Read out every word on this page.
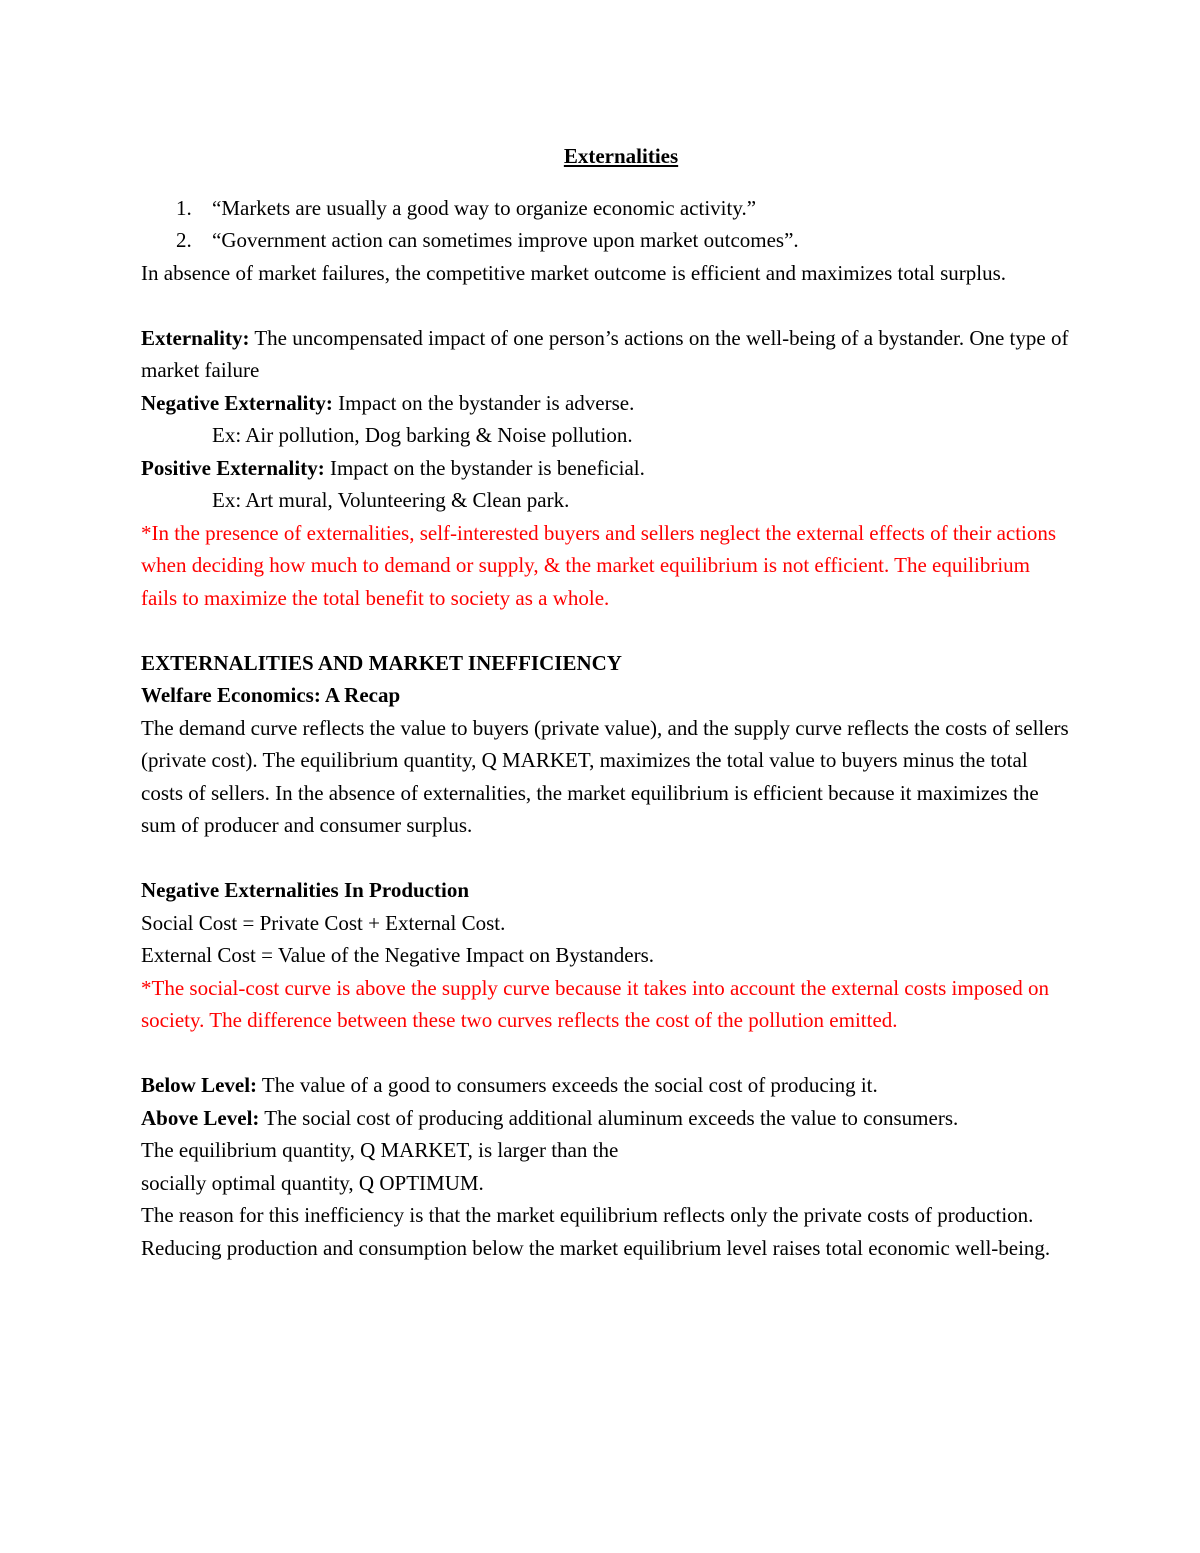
Externalities

1. “Markets are usually a good way to organize economic activity.”
2. “Government action can sometimes improve upon market outcomes”.

In absence of market failures, the competitive market outcome is efficient and maximizes total surplus.

Externality: The uncompensated impact of one person’s actions on the well-being of a bystander. One type of market failure

Negative Externality: Impact on the bystander is adverse.

Ex: Air pollution, Dog barking & Noise pollution.

Positive Externality: Impact on the bystander is beneficial.

Ex: Art mural, Volunteering & Clean park.

*In the presence of externalities, self-interested buyers and sellers neglect the external effects of their actions when deciding how much to demand or supply, & the market equilibrium is not efficient. The equilibrium fails to maximize the total benefit to society as a whole.

EXTERNALITIES AND MARKET INEFFICIENCY

Welfare Economics: A Recap

The demand curve reflects the value to buyers (private value), and the supply curve reflects the costs of sellers (private cost). The equilibrium quantity, Q MARKET, maximizes the total value to buyers minus the total costs of sellers. In the absence of externalities, the market equilibrium is efficient because it maximizes the sum of producer and consumer surplus.

Negative Externalities In Production

Social Cost = Private Cost + External Cost.

External Cost = Value of the Negative Impact on Bystanders.

*The social-cost curve is above the supply curve because it takes into account the external costs imposed on society. The difference between these two curves reflects the cost of the pollution emitted.

Below Level: The value of a good to consumers exceeds the social cost of producing it.

Above Level: The social cost of producing additional aluminum exceeds the value to consumers.

The equilibrium quantity, Q MARKET, is larger than the

socially optimal quantity, Q OPTIMUM.

The reason for this inefficiency is that the market equilibrium reflects only the private costs of production. Reducing production and consumption below the market equilibrium level raises total economic well-being.
